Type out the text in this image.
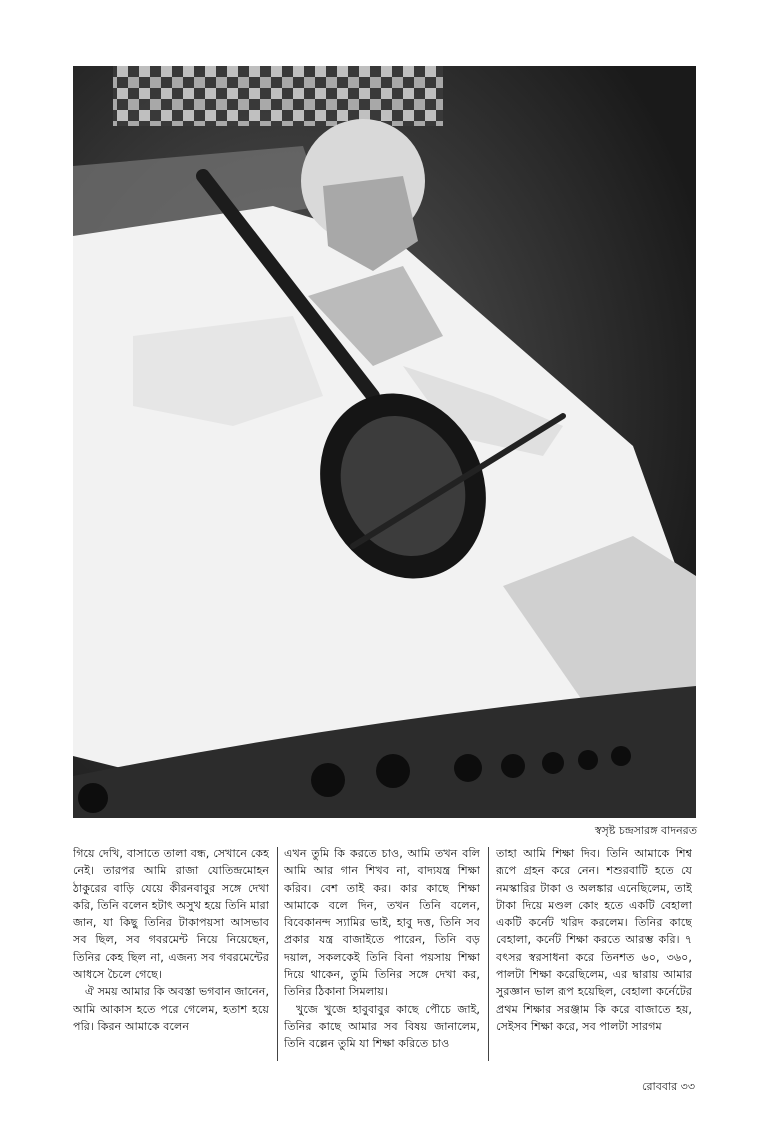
স্বসৃষ্ট চন্দ্রসারঙ্গ বাদনরত

গিয়ে দেখি, বাসাতে তালা বন্ধ, সেখানে কেহ নেই। তারপর আমি রাজা যোতিন্দ্রমোহন ঠাকুরের বাড়ি যেয়ে কীরনবাবুর সঙ্গে দেখা করি, তিনি বলেন হটাৎ অসুখ হয়ে তিনি মারা জান, যা কিছু তিনির টাকাপয়সা আসভাব সব ছিল, সব গবরমেন্ট নিয়ে নিয়েছেন, তিনির কেহ ছিল না, এজন্য সব গবরমেন্টের আধসে চৈলে গেছে।

ঐ সময় আমার কি অবস্তা ভগবান জানেন, আমি আকাস হতে পরে গেলেম, হতাশ হয়ে পরি। কিরন আমাকে বলেন

এখন তুমি কি করতে চাও, আমি তখন বলি আমি আর গান শিখব না, বাদ্যযন্ত্র শিক্ষা করিব। বেশ তাই কর। কার কাছে শিক্ষা আমাকে বলে দিন, তখন তিনি বলেন, বিবেকানন্দ স্যামির ভাই, হাবু দত্ত, তিনি সব প্রকার যন্ত্র বাজাইতে পারেন, তিনি বড় দয়াল, সকলকেই তিনি বিনা পয়সায় শিক্ষা দিয়ে থাকেন, তুমি তিনির সঙ্গে দেখা কর, তিনির ঠিকানা সিমলায়।

খুজে খুজে হাবুবাবুর কাছে পৌচে জাই, তিনির কাছে আমার সব বিষয় জানালেম, তিনি বল্লেন তুমি যা শিক্ষা করিতে চাও

তাহা আমি শিক্ষা দিব। তিনি আমাকে শিশ্ব রূপে গ্রহন করে নেন। শশুরবাটি হতে যে নমস্কারির টাকা ও অলঙ্কার এনেছিলেম, তাই টাকা দিয়ে মণ্ডল কোং হতে একটি বেহালা একটি কর্নেট খরিদ করলেম। তিনির কাছে বেহালা, কর্নেট শিক্ষা করতে আরম্ভ করি। ৭ বৎসর স্বরসাধনা করে তিনশত ৬০, ৩৬০, পালটা শিক্ষা করেছিলেম, এর দ্বারায় আমার সুরজ্ঞান ভাল রূপ হয়েছিল, বেহালা কর্নেটের প্রথম শিক্ষার সরঞ্জাম কি করে বাজাতে হয়, সেইসব শিক্ষা করে, সব পালটা সারগম

রোববার ৩৩
